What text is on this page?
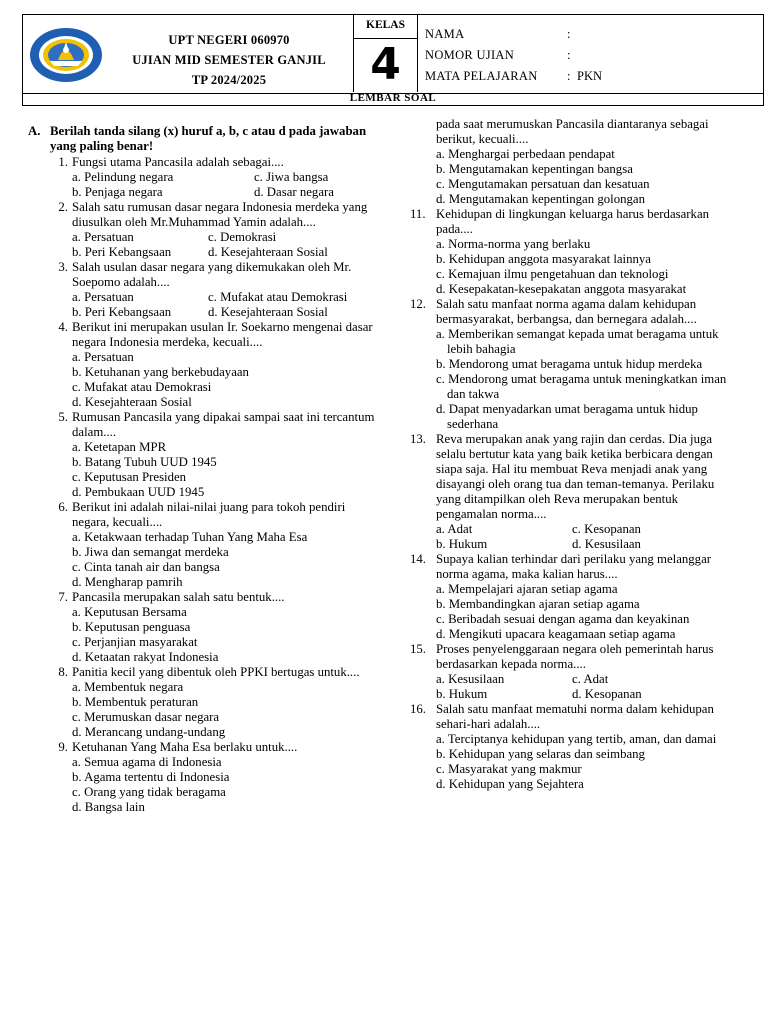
UPT NEGERI 060970
UJIAN MID SEMESTER GANJIL
TP 2024/2025
KELAS
4
NAMA	:
NOMOR UJIAN	:
MATA PELAJARAN	: PKN
LEMBAR SOAL
A. Berilah tanda silang (x) huruf a, b, c atau d pada jawaban yang paling benar!
1. Fungsi utama Pancasila adalah sebagai....
a. Pelindung negara	c. Jiwa bangsa
b. Penjaga negara	d. Dasar negara
2. Salah satu rumusan dasar negara Indonesia merdeka yang diusulkan oleh Mr.Muhammad Yamin adalah....
a. Persatuan	c. Demokrasi
b. Peri Kebangsaan	d. Kesejahteraan Sosial
3. Salah usulan dasar negara yang dikemukakan oleh Mr. Soepomo adalah....
a. Persatuan	c. Mufakat atau Demokrasi
b. Peri Kebangsaan	d. Kesejahteraan Sosial
4. Berikut ini merupakan usulan Ir. Soekarno mengenai dasar negara Indonesia merdeka, kecuali....
a. Persatuan
b. Ketuhanan yang berkebudayaan
c. Mufakat atau Demokrasi
d. Kesejahteraan Sosial
5. Rumusan Pancasila yang dipakai sampai saat ini tercantum dalam....
a. Ketetapan MPR
b. Batang Tubuh UUD 1945
c. Keputusan Presiden
d. Pembukaan UUD 1945
6. Berikut ini adalah nilai-nilai juang para tokoh pendiri negara, kecuali....
a. Ketakwaan terhadap Tuhan Yang Maha Esa
b. Jiwa dan semangat merdeka
c. Cinta tanah air dan bangsa
d. Mengharap pamrih
7. Pancasila merupakan salah satu bentuk....
a. Keputusan Bersama
b. Keputusan penguasa
c. Perjanjian masyarakat
d. Ketaatan rakyat Indonesia
8. Panitia kecil yang dibentuk oleh PPKI bertugas untuk....
a. Membentuk negara
b. Membentuk peraturan
c. Merumuskan dasar negara
d. Merancang undang-undang
9. Ketuhanan Yang Maha Esa berlaku untuk....
a. Semua agama di Indonesia
b. Agama tertentu di Indonesia
c. Orang yang tidak beragama
d. Bangsa lain
pada saat merumuskan Pancasila diantaranya sebagai berikut, kecuali....
a. Menghargai perbedaan pendapat
b. Mengutamakan kepentingan bangsa
c. Mengutamakan persatuan dan kesatuan
d. Mengutamakan kepentingan golongan
11. Kehidupan di lingkungan keluarga harus berdasarkan pada....
a. Norma-norma yang berlaku
b. Kehidupan anggota masyarakat lainnya
c. Kemajuan ilmu pengetahuan dan teknologi
d. Kesepakatan-kesepakatan anggota masyarakat
12. Salah satu manfaat norma agama dalam kehidupan bermasyarakat, berbangsa, dan bernegara adalah....
a. Memberikan semangat kepada umat beragama untuk lebih bahagia
b. Mendorong umat beragama untuk hidup merdeka
c. Mendorong umat beragama untuk meningkatkan iman dan takwa
d. Dapat menyadarkan umat beragama untuk hidup sederhana
13. Reva merupakan anak yang rajin dan cerdas. Dia juga selalu bertutur kata yang baik ketika berbicara dengan siapa saja. Hal itu membuat Reva menjadi anak yang disayangi oleh orang tua dan teman-temanya. Perilaku yang ditampilkan oleh Reva merupakan bentuk pengamalan norma....
a. Adat	c. Kesopanan
b. Hukum	d. Kesusilaan
14. Supaya kalian terhindar dari perilaku yang melanggar norma agama, maka kalian harus....
a. Mempelajari ajaran setiap agama
b. Membandingkan ajaran setiap agama
c. Beribadah sesuai dengan agama dan keyakinan
d. Mengikuti upacara keagamaan setiap agama
15. Proses penyelenggaraan negara oleh pemerintah harus berdasarkan kepada norma....
a. Kesusilaan	c. Adat
b. Hukum	d. Kesopanan
16. Salah satu manfaat mematuhi norma dalam kehidupan sehari-hari adalah....
a. Terciptanya kehidupan yang tertib, aman, dan damai
b. Kehidupan yang selaras dan seimbang
c. Masyarakat yang makmur
d. Kehidupan yang Sejahtera
